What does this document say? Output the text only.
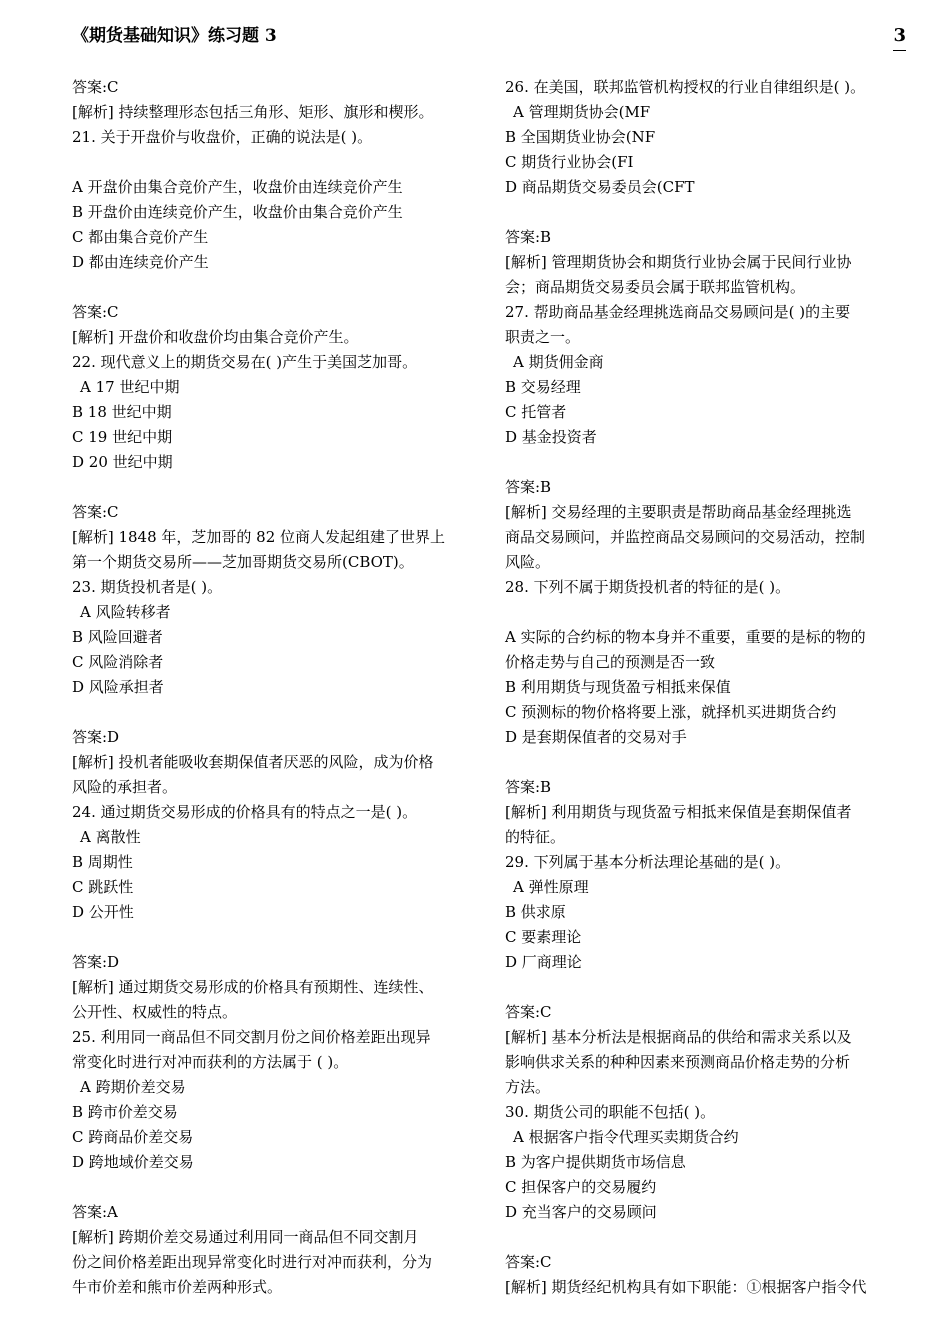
《期货基础知识》练习题 3	3
答案:C
[解析] 持续整理形态包括三角形、矩形、旗形和楔形。
21. 关于开盘价与收盘价，正确的说法是( )。
A 开盘价由集合竞价产生，收盘价由连续竞价产生
B 开盘价由连续竞价产生，收盘价由集合竞价产生
C 都由集合竞价产生
D 都由连续竞价产生
答案:C
[解析] 开盘价和收盘价均由集合竞价产生。
22. 现代意义上的期货交易在( )产生于美国芝加哥。
A 17 世纪中期
B 18 世纪中期
C 19 世纪中期
D 20 世纪中期
答案:C
[解析] 1848 年，芝加哥的 82 位商人发起组建了世界上
第一个期货交易所——芝加哥期货交易所(CBOT)。
23. 期货投机者是( )。
A 风险转移者
B 风险回避者
C 风险消除者
D 风险承担者
答案:D
[解析] 投机者能吸收套期保值者厌恶的风险，成为价格
风险的承担者。
24. 通过期货交易形成的价格具有的特点之一是( )。
A 离散性
B 周期性
C 跳跃性
D 公开性
答案:D
[解析] 通过期货交易形成的价格具有预期性、连续性、
公开性、权威性的特点。
25. 利用同一商品但不同交割月份之间价格差距出现异
常变化时进行对冲而获利的方法属于 ( )。
A 跨期价差交易
B 跨市价差交易
C 跨商品价差交易
D 跨地域价差交易
答案:A
[解析] 跨期价差交易通过利用同一商品但不同交割月
份之间价格差距出现异常变化时进行对冲而获利，分为
牛市价差和熊市价差两种形式。
26. 在美国，联邦监管机构授权的行业自律组织是( )。
A 管理期货协会(MF
B 全国期货业协会(NF
C 期货行业协会(FI
D 商品期货交易委员会(CFT
答案:B
[解析] 管理期货协会和期货行业协会属于民间行业协
会；商品期货交易委员会属于联邦监管机构。
27. 帮助商品基金经理挑选商品交易顾问是( )的主要
职责之一。
A 期货佣金商
B 交易经理
C 托管者
D 基金投资者
答案:B
[解析] 交易经理的主要职责是帮助商品基金经理挑选
商品交易顾问，并监控商品交易顾问的交易活动，控制
风险。
28. 下列不属于期货投机者的特征的是( )。
A 实际的合约标的物本身并不重要，重要的是标的物的
价格走势与自己的预测是否一致
B 利用期货与现货盈亏相抵来保值
C 预测标的物价格将要上涨，就择机买进期货合约
D 是套期保值者的交易对手
答案:B
[解析] 利用期货与现货盈亏相抵来保值是套期保值者
的特征。
29. 下列属于基本分析法理论基础的是( )。
A 弹性原理
B 供求原
C 要素理论
D 厂商理论
答案:C
[解析] 基本分析法是根据商品的供给和需求关系以及
影响供求关系的种种因素来预测商品价格走势的分析
方法。
30. 期货公司的职能不包括( )。
A 根据客户指令代理买卖期货合约
B 为客户提供期货市场信息
C 担保客户的交易履约
D 充当客户的交易顾问
答案:C
[解析] 期货经纪机构具有如下职能：①根据客户指令代
